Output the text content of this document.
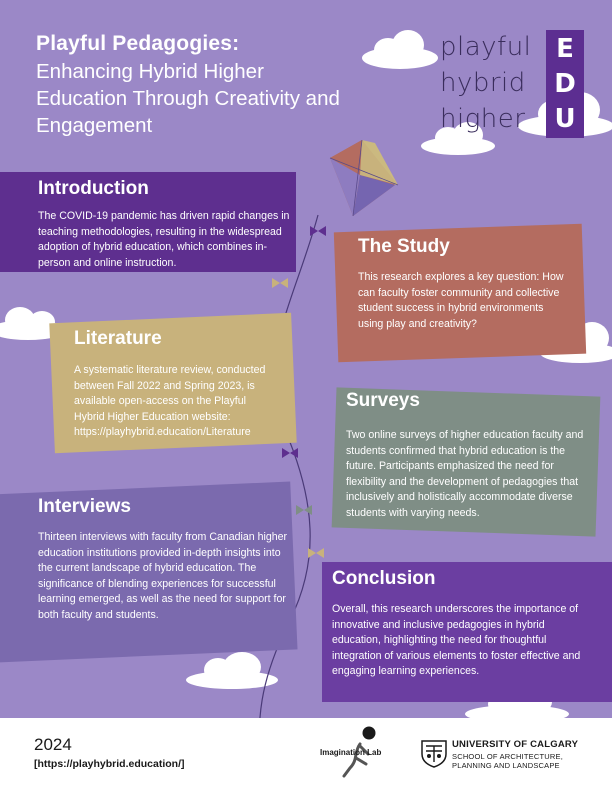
Playful Pedagogies:
Enhancing Hybrid Higher Education Through Creativity and Engagement
playful
hybrid
higher
E
D
U
Introduction

The COVID-19 pandemic has driven rapid changes in teaching methodologies, resulting in the widespread adoption of hybrid education, which combines in-person and online instruction.

The Study

This research explores a key question: How can faculty foster community and collective student success in hybrid environments using play and creativity?

Literature

A systematic literature review, conducted between Fall 2022 and Spring 2023, is available open-access on the Playful Hybrid Higher Education website: https://playhybrid.education/Literature

Surveys

Two online surveys of higher education faculty and students confirmed that hybrid education is the future. Participants emphasized the need for flexibility and the development of pedagogies that inclusively and holistically accommodate diverse students with varying needs.

Interviews

Thirteen interviews with faculty from Canadian higher education institutions provided in-depth insights into the current landscape of hybrid education. The significance of blending experiences for successful learning emerged, as well as the need for support for both faculty and students.

Conclusion

Overall, this research underscores the importance of innovative and inclusive pedagogies in hybrid education, highlighting the need for thoughtful integration of various elements to foster effective and engaging learning experiences.

2024
[https://playhybrid.education/]
Imagination Lab
UNIVERSITY OF CALGARY
SCHOOL OF ARCHITECTURE,
PLANNING AND LANDSCAPE
